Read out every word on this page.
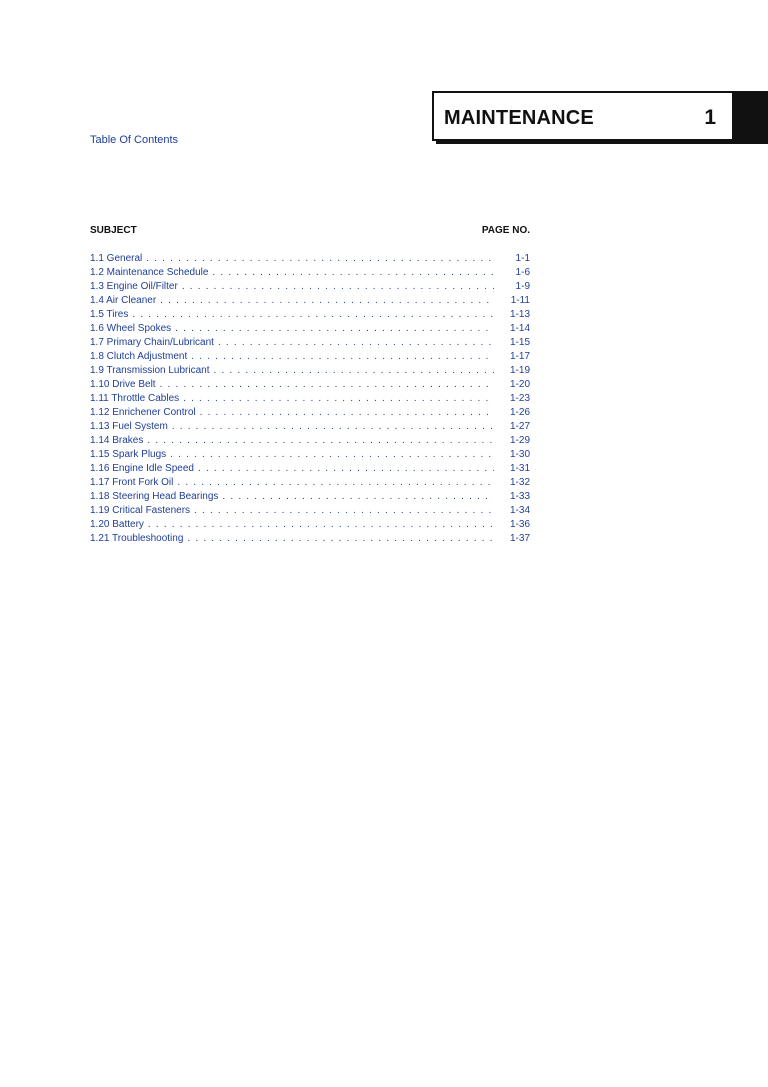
MAINTENANCE	1
Table Of Contents
SUBJECT	PAGE NO.
1.1 General . . .	1-1
1.2 Maintenance Schedule . . .	1-6
1.3 Engine Oil/Filter . . .	1-9
1.4 Air Cleaner . . .	1-11
1.5 Tires . . .	1-13
1.6 Wheel Spokes . . .	1-14
1.7 Primary Chain/Lubricant . . .	1-15
1.8 Clutch Adjustment . . .	1-17
1.9 Transmission Lubricant . . .	1-19
1.10 Drive Belt . . .	1-20
1.11 Throttle Cables . . .	1-23
1.12 Enrichener Control . . .	1-26
1.13 Fuel System . . .	1-27
1.14 Brakes . . .	1-29
1.15 Spark Plugs . . .	1-30
1.16 Engine Idle Speed . . .	1-31
1.17 Front Fork Oil . . .	1-32
1.18 Steering Head Bearings . . .	1-33
1.19 Critical Fasteners . . .	1-34
1.20 Battery . . .	1-36
1.21 Troubleshooting . . .	1-37
